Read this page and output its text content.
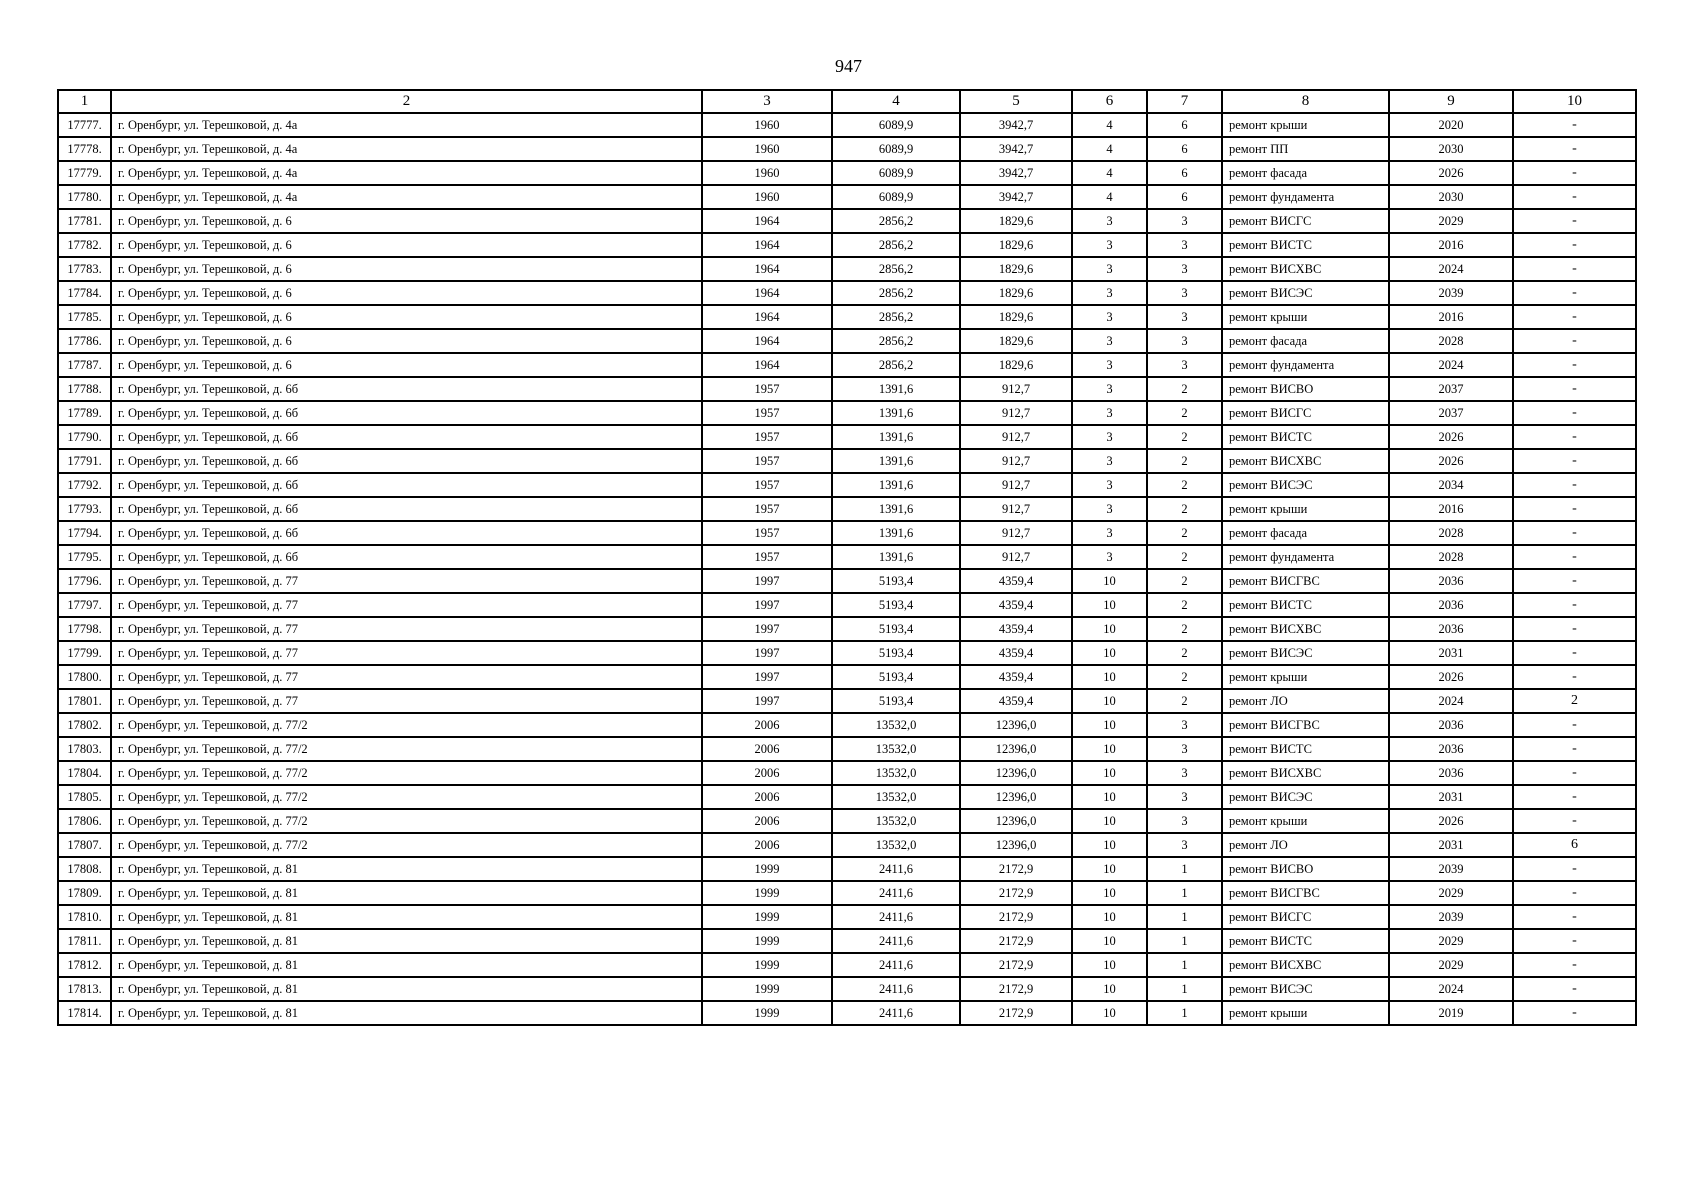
947
1	2	3	4	5	6	7	8	9	10
17777.	г. Оренбург, ул. Терешковой, д. 4а	1960	6089,9	3942,7	4	6	ремонт крыши	2020	-
17778.	г. Оренбург, ул. Терешковой, д. 4а	1960	6089,9	3942,7	4	6	ремонт ПП	2030	-
17779.	г. Оренбург, ул. Терешковой, д. 4а	1960	6089,9	3942,7	4	6	ремонт фасада	2026	-
17780.	г. Оренбург, ул. Терешковой, д. 4а	1960	6089,9	3942,7	4	6	ремонт фундамента	2030	-
17781.	г. Оренбург, ул. Терешковой, д. 6	1964	2856,2	1829,6	3	3	ремонт ВИСГС	2029	-
17782.	г. Оренбург, ул. Терешковой, д. 6	1964	2856,2	1829,6	3	3	ремонт ВИСТС	2016	-
17783.	г. Оренбург, ул. Терешковой, д. 6	1964	2856,2	1829,6	3	3	ремонт ВИСХВС	2024	-
17784.	г. Оренбург, ул. Терешковой, д. 6	1964	2856,2	1829,6	3	3	ремонт ВИСЭС	2039	-
17785.	г. Оренбург, ул. Терешковой, д. 6	1964	2856,2	1829,6	3	3	ремонт крыши	2016	-
17786.	г. Оренбург, ул. Терешковой, д. 6	1964	2856,2	1829,6	3	3	ремонт фасада	2028	-
17787.	г. Оренбург, ул. Терешковой, д. 6	1964	2856,2	1829,6	3	3	ремонт фундамента	2024	-
17788.	г. Оренбург, ул. Терешковой, д. 6б	1957	1391,6	912,7	3	2	ремонт ВИСВО	2037	-
17789.	г. Оренбург, ул. Терешковой, д. 6б	1957	1391,6	912,7	3	2	ремонт ВИСГС	2037	-
17790.	г. Оренбург, ул. Терешковой, д. 6б	1957	1391,6	912,7	3	2	ремонт ВИСТС	2026	-
17791.	г. Оренбург, ул. Терешковой, д. 6б	1957	1391,6	912,7	3	2	ремонт ВИСХВС	2026	-
17792.	г. Оренбург, ул. Терешковой, д. 6б	1957	1391,6	912,7	3	2	ремонт ВИСЭС	2034	-
17793.	г. Оренбург, ул. Терешковой, д. 6б	1957	1391,6	912,7	3	2	ремонт крыши	2016	-
17794.	г. Оренбург, ул. Терешковой, д. 6б	1957	1391,6	912,7	3	2	ремонт фасада	2028	-
17795.	г. Оренбург, ул. Терешковой, д. 6б	1957	1391,6	912,7	3	2	ремонт фундамента	2028	-
17796.	г. Оренбург, ул. Терешковой, д. 77	1997	5193,4	4359,4	10	2	ремонт ВИСГВС	2036	-
17797.	г. Оренбург, ул. Терешковой, д. 77	1997	5193,4	4359,4	10	2	ремонт ВИСТС	2036	-
17798.	г. Оренбург, ул. Терешковой, д. 77	1997	5193,4	4359,4	10	2	ремонт ВИСХВС	2036	-
17799.	г. Оренбург, ул. Терешковой, д. 77	1997	5193,4	4359,4	10	2	ремонт ВИСЭС	2031	-
17800.	г. Оренбург, ул. Терешковой, д. 77	1997	5193,4	4359,4	10	2	ремонт крыши	2026	-
17801.	г. Оренбург, ул. Терешковой, д. 77	1997	5193,4	4359,4	10	2	ремонт ЛО	2024	2
17802.	г. Оренбург, ул. Терешковой, д. 77/2	2006	13532,0	12396,0	10	3	ремонт ВИСГВС	2036	-
17803.	г. Оренбург, ул. Терешковой, д. 77/2	2006	13532,0	12396,0	10	3	ремонт ВИСТС	2036	-
17804.	г. Оренбург, ул. Терешковой, д. 77/2	2006	13532,0	12396,0	10	3	ремонт ВИСХВС	2036	-
17805.	г. Оренбург, ул. Терешковой, д. 77/2	2006	13532,0	12396,0	10	3	ремонт ВИСЭС	2031	-
17806.	г. Оренбург, ул. Терешковой, д. 77/2	2006	13532,0	12396,0	10	3	ремонт крыши	2026	-
17807.	г. Оренбург, ул. Терешковой, д. 77/2	2006	13532,0	12396,0	10	3	ремонт ЛО	2031	6
17808.	г. Оренбург, ул. Терешковой, д. 81	1999	2411,6	2172,9	10	1	ремонт ВИСВО	2039	-
17809.	г. Оренбург, ул. Терешковой, д. 81	1999	2411,6	2172,9	10	1	ремонт ВИСГВС	2029	-
17810.	г. Оренбург, ул. Терешковой, д. 81	1999	2411,6	2172,9	10	1	ремонт ВИСГС	2039	-
17811.	г. Оренбург, ул. Терешковой, д. 81	1999	2411,6	2172,9	10	1	ремонт ВИСТС	2029	-
17812.	г. Оренбург, ул. Терешковой, д. 81	1999	2411,6	2172,9	10	1	ремонт ВИСХВС	2029	-
17813.	г. Оренбург, ул. Терешковой, д. 81	1999	2411,6	2172,9	10	1	ремонт ВИСЭС	2024	-
17814.	г. Оренбург, ул. Терешковой, д. 81	1999	2411,6	2172,9	10	1	ремонт крыши	2019	-
